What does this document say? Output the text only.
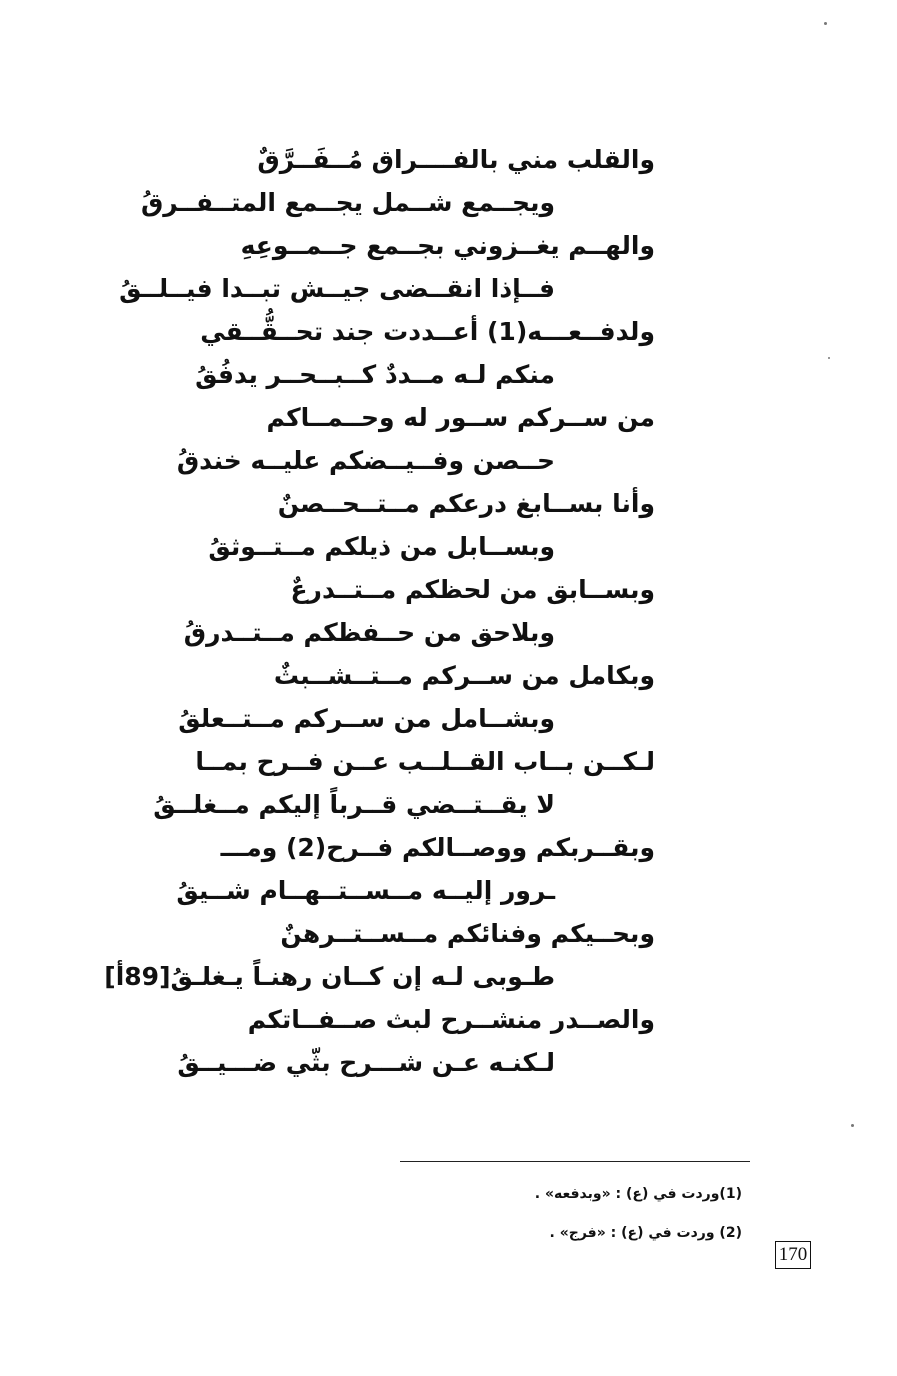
والقلب مني بالفــــراق مُــفَــرَّقٌ
ويجــمع شــمل يجــمع المتــفــرقُ
والهــم يغــزوني بجــمع جــمــوعِهِ
فــإذا انقــضى جيــش تبــدا فيــلــقُ
ولدفــعـــه(1) أعــددت جند تحــقُّــقي
منكم لـه مــددٌ كــبــحــر يدفُقُ
من ســركم ســور له وحــمــاكم
حــصن وفــيــضكم عليــه خندقُ
وأنا بســابغ درعكم مــتــحــصنٌ
وبســابل من ذيلكم مــتــوثقُ
وبســابق من لحظكم مــتــدرعٌ
وبلاحق من حــفظكم مــتــدرقُ
وبكامل من ســركم مــتــشــبثٌ
وبشــامل من ســركم مــتــعلقُ
لـكــن بــاب القــلــب عــن فــرح بمــا
لا يقــتــضي قــرباً إليكم مــغلــقُ
وبقــربكم ووصــالكم فــرح(2) ومـــ
ـرور إليــه مــســتــهــام شــيقُ
وبحــيكم وفنائكم مــســتــرهنٌ
طـوبى لـه إن كــان رهنـاً يـغلـقُ[89أ]
والصــدر منشــرح لبث صــفــاتكم
لـكنـه عـن شـــرح بثّي ضـــيــقُ
(1)وردت في (ع) : «وبدفعه» .
(2) وردت في (ع) : «فرج» .
170
